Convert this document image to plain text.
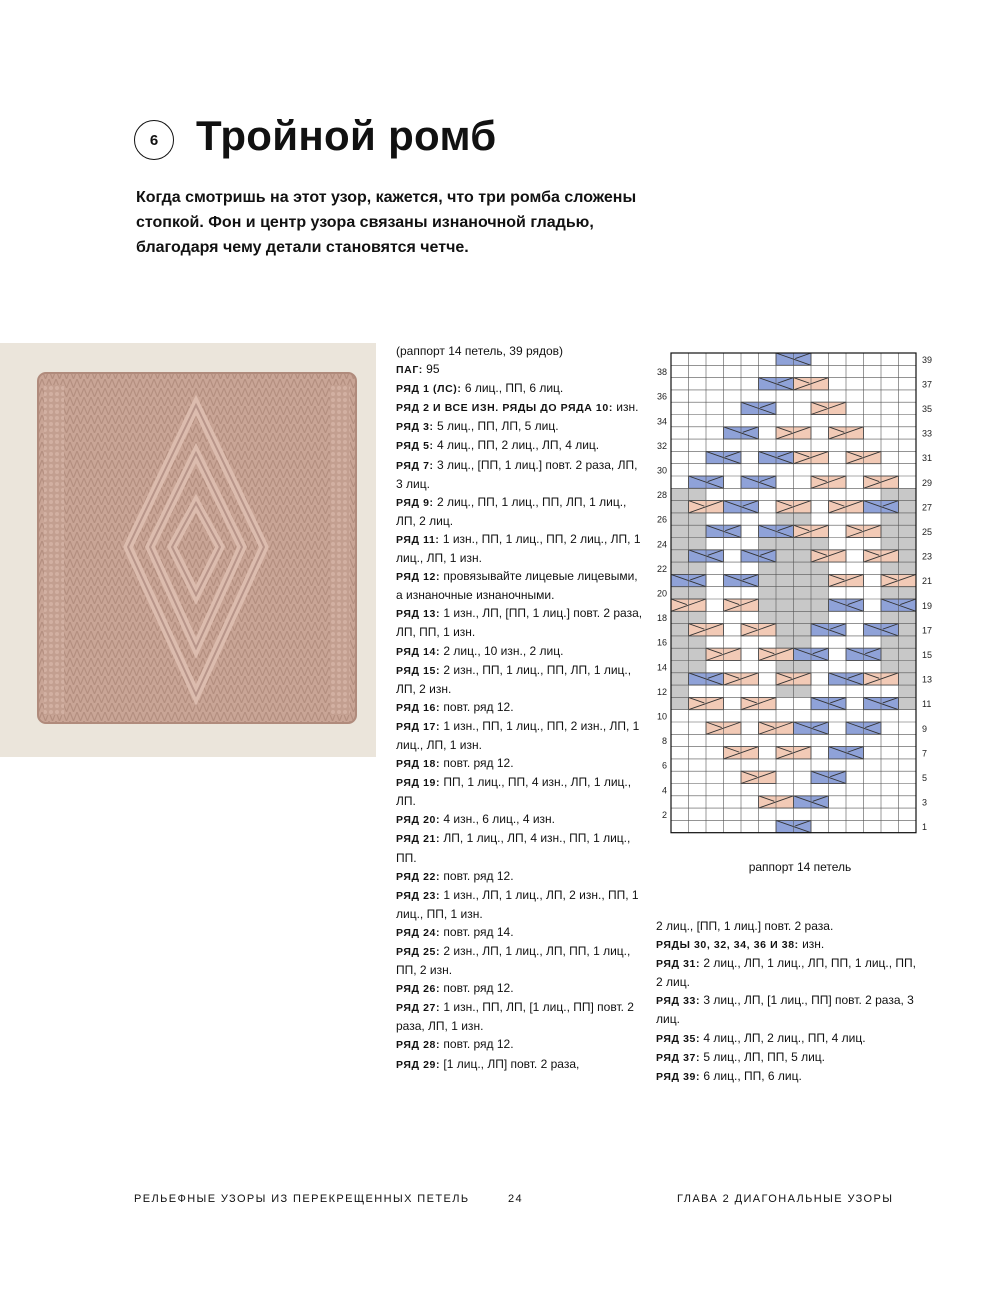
6 Тройной ромб
Когда смотришь на этот узор, кажется, что три ромба сложены стопкой. Фон и центр узора связаны изнаночной гладью, благодаря чему детали становятся четче.
(раппорт 14 петель, 39 рядов)
ПАГ: 95
РЯД 1 (ЛС): 6 лиц., ПП, 6 лиц.
РЯД 2 И ВСЕ ИЗН. РЯДЫ ДО РЯДА 10: изн.
РЯД 3: 5 лиц., ПП, ЛП, 5 лиц.
РЯД 5: 4 лиц., ПП, 2 лиц., ЛП, 4 лиц.
РЯД 7: 3 лиц., [ПП, 1 лиц.] повт. 2 раза, ЛП, 3 лиц.
РЯД 9: 2 лиц., ПП, 1 лиц., ПП, ЛП, 1 лиц., ЛП, 2 лиц.
РЯД 11: 1 изн., ПП, 1 лиц., ПП, 2 лиц., ЛП, 1 лиц., ЛП, 1 изн.
РЯД 12: провязывайте лицевые лицевыми, а изнаночные изнаночными.
РЯД 13: 1 изн., ЛП, [ПП, 1 лиц.] повт. 2 раза, ЛП, ПП, 1 изн.
РЯД 14: 2 лиц., 10 изн., 2 лиц.
РЯД 15: 2 изн., ПП, 1 лиц., ПП, ЛП, 1 лиц., ЛП, 2 изн.
РЯД 16: повт. ряд 12.
РЯД 17: 1 изн., ПП, 1 лиц., ПП, 2 изн., ЛП, 1 лиц., ЛП, 1 изн.
РЯД 18: повт. ряд 12.
РЯД 19: ПП, 1 лиц., ПП, 4 изн., ЛП, 1 лиц., ЛП.
РЯД 20: 4 изн., 6 лиц., 4 изн.
РЯД 21: ЛП, 1 лиц., ЛП, 4 изн., ПП, 1 лиц., ПП.
РЯД 22: повт. ряд 12.
РЯД 23: 1 изн., ЛП, 1 лиц., ЛП, 2 изн., ПП, 1 лиц., ПП, 1 изн.
РЯД 24: повт. ряд 14.
РЯД 25: 2 изн., ЛП, 1 лиц., ЛП, ПП, 1 лиц., ПП, 2 изн.
РЯД 26: повт. ряд 12.
РЯД 27: 1 изн., ПП, ЛП, [1 лиц., ПП] повт. 2 раза, ЛП, 1 изн.
РЯД 28: повт. ряд 12.
РЯД 29: [1 лиц., ЛП] повт. 2 раза,
2 лиц., [ПП, 1 лиц.] повт. 2 раза.
РЯДЫ 30, 32, 34, 36 И 38: изн.
РЯД 31: 2 лиц., ЛП, 1 лиц., ЛП, ПП, 1 лиц., ПП, 2 лиц.
РЯД 33: 3 лиц., ЛП, [1 лиц., ПП] повт. 2 раза, 3 лиц.
РЯД 35: 4 лиц., ЛП, 2 лиц., ПП, 4 лиц.
РЯД 37: 5 лиц., ЛП, ПП, 5 лиц.
РЯД 39: 6 лиц., ПП, 6 лиц.
1
3
5
7
9
11
13
15
17
19
21
23
25
27
29
31
33
35
37
39
2
4
6
8
10
12
14
16
18
20
22
24
26
28
30
32
34
36
38
раппорт 14 петель
РЕЛЬЕФНЫЕ УЗОРЫ ИЗ ПЕРЕКРЕЩЕННЫХ ПЕТЕЛЬ	24	ГЛАВА 2 ДИАГОНАЛЬНЫЕ УЗОРЫ
